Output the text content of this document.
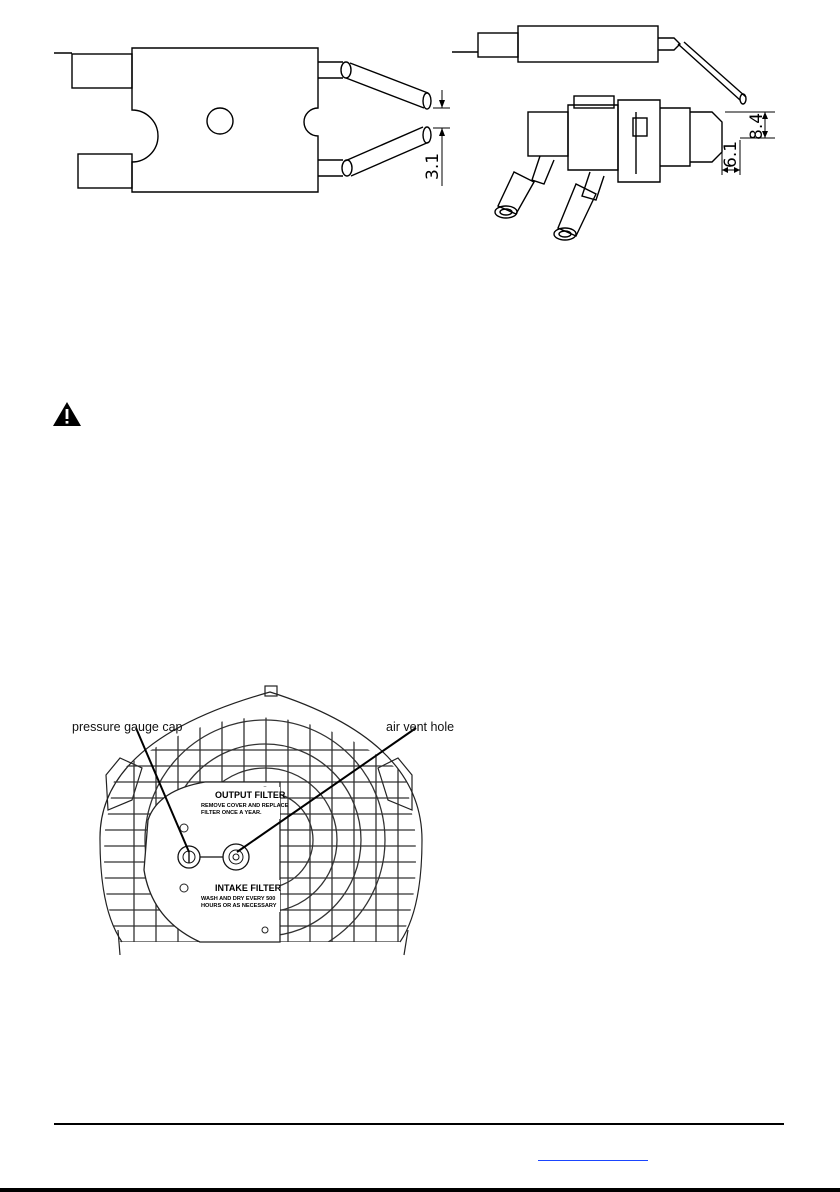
3.1
8.4
6.1
OUTPUT FILTER
REMOVE COVER AND REPLACE
FILTER ONCE A YEAR.
INTAKE FILTER
WASH AND DRY EVERY 500
HOURS OR AS NECESSARY
pressure gauge cap	air vent hole
